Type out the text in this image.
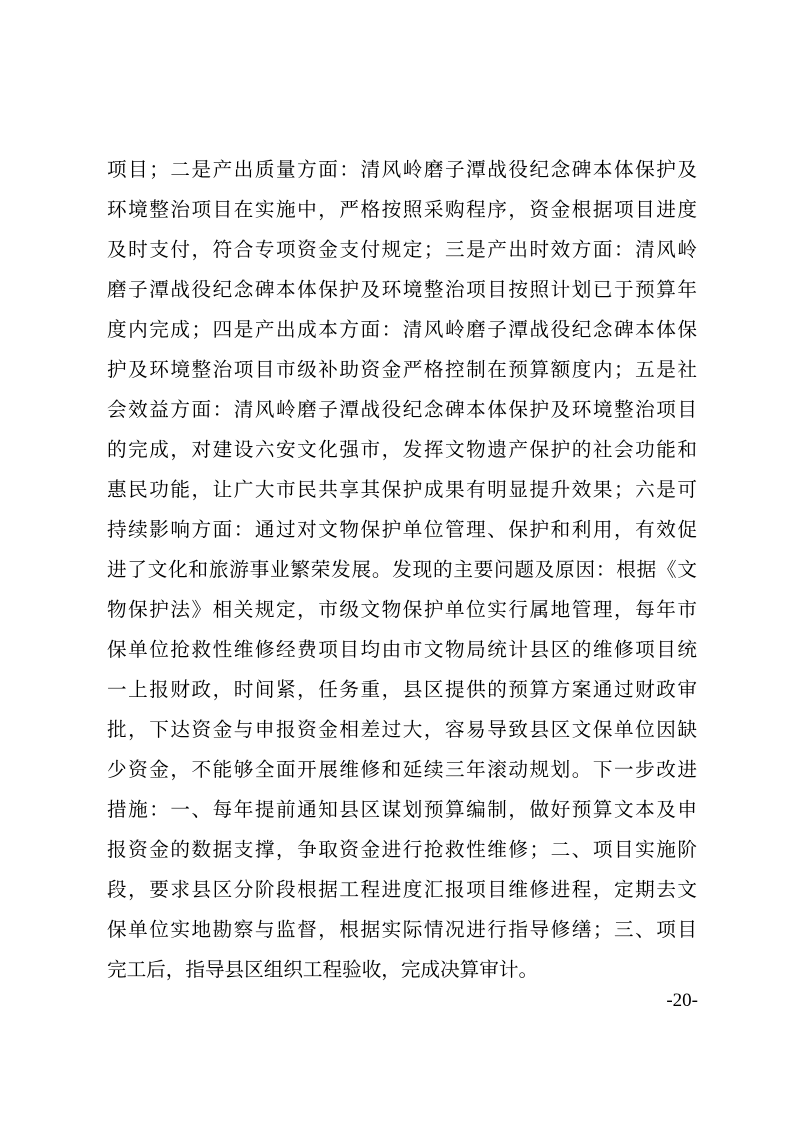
项目；二是产出质量方面：清风岭磨子潭战役纪念碑本体保护及
环境整治项目在实施中，严格按照采购程序，资金根据项目进度
及时支付，符合专项资金支付规定；三是产出时效方面：清风岭
磨子潭战役纪念碑本体保护及环境整治项目按照计划已于预算年
度内完成；四是产出成本方面：清风岭磨子潭战役纪念碑本体保
护及环境整治项目市级补助资金严格控制在预算额度内；五是社
会效益方面：清风岭磨子潭战役纪念碑本体保护及环境整治项目
的完成，对建设六安文化强市，发挥文物遗产保护的社会功能和
惠民功能，让广大市民共享其保护成果有明显提升效果；六是可
持续影响方面：通过对文物保护单位管理、保护和利用，有效促
进了文化和旅游事业繁荣发展。发现的主要问题及原因：根据《文
物保护法》相关规定，市级文物保护单位实行属地管理，每年市
保单位抢救性维修经费项目均由市文物局统计县区的维修项目统
一上报财政，时间紧，任务重，县区提供的预算方案通过财政审
批，下达资金与申报资金相差过大，容易导致县区文保单位因缺
少资金，不能够全面开展维修和延续三年滚动规划。下一步改进
措施：一、每年提前通知县区谋划预算编制，做好预算文本及申
报资金的数据支撑，争取资金进行抢救性维修；二、项目实施阶
段，要求县区分阶段根据工程进度汇报项目维修进程，定期去文
保单位实地勘察与监督，根据实际情况进行指导修缮；三、项目
完工后，指导县区组织工程验收，完成决算审计。
-20-
